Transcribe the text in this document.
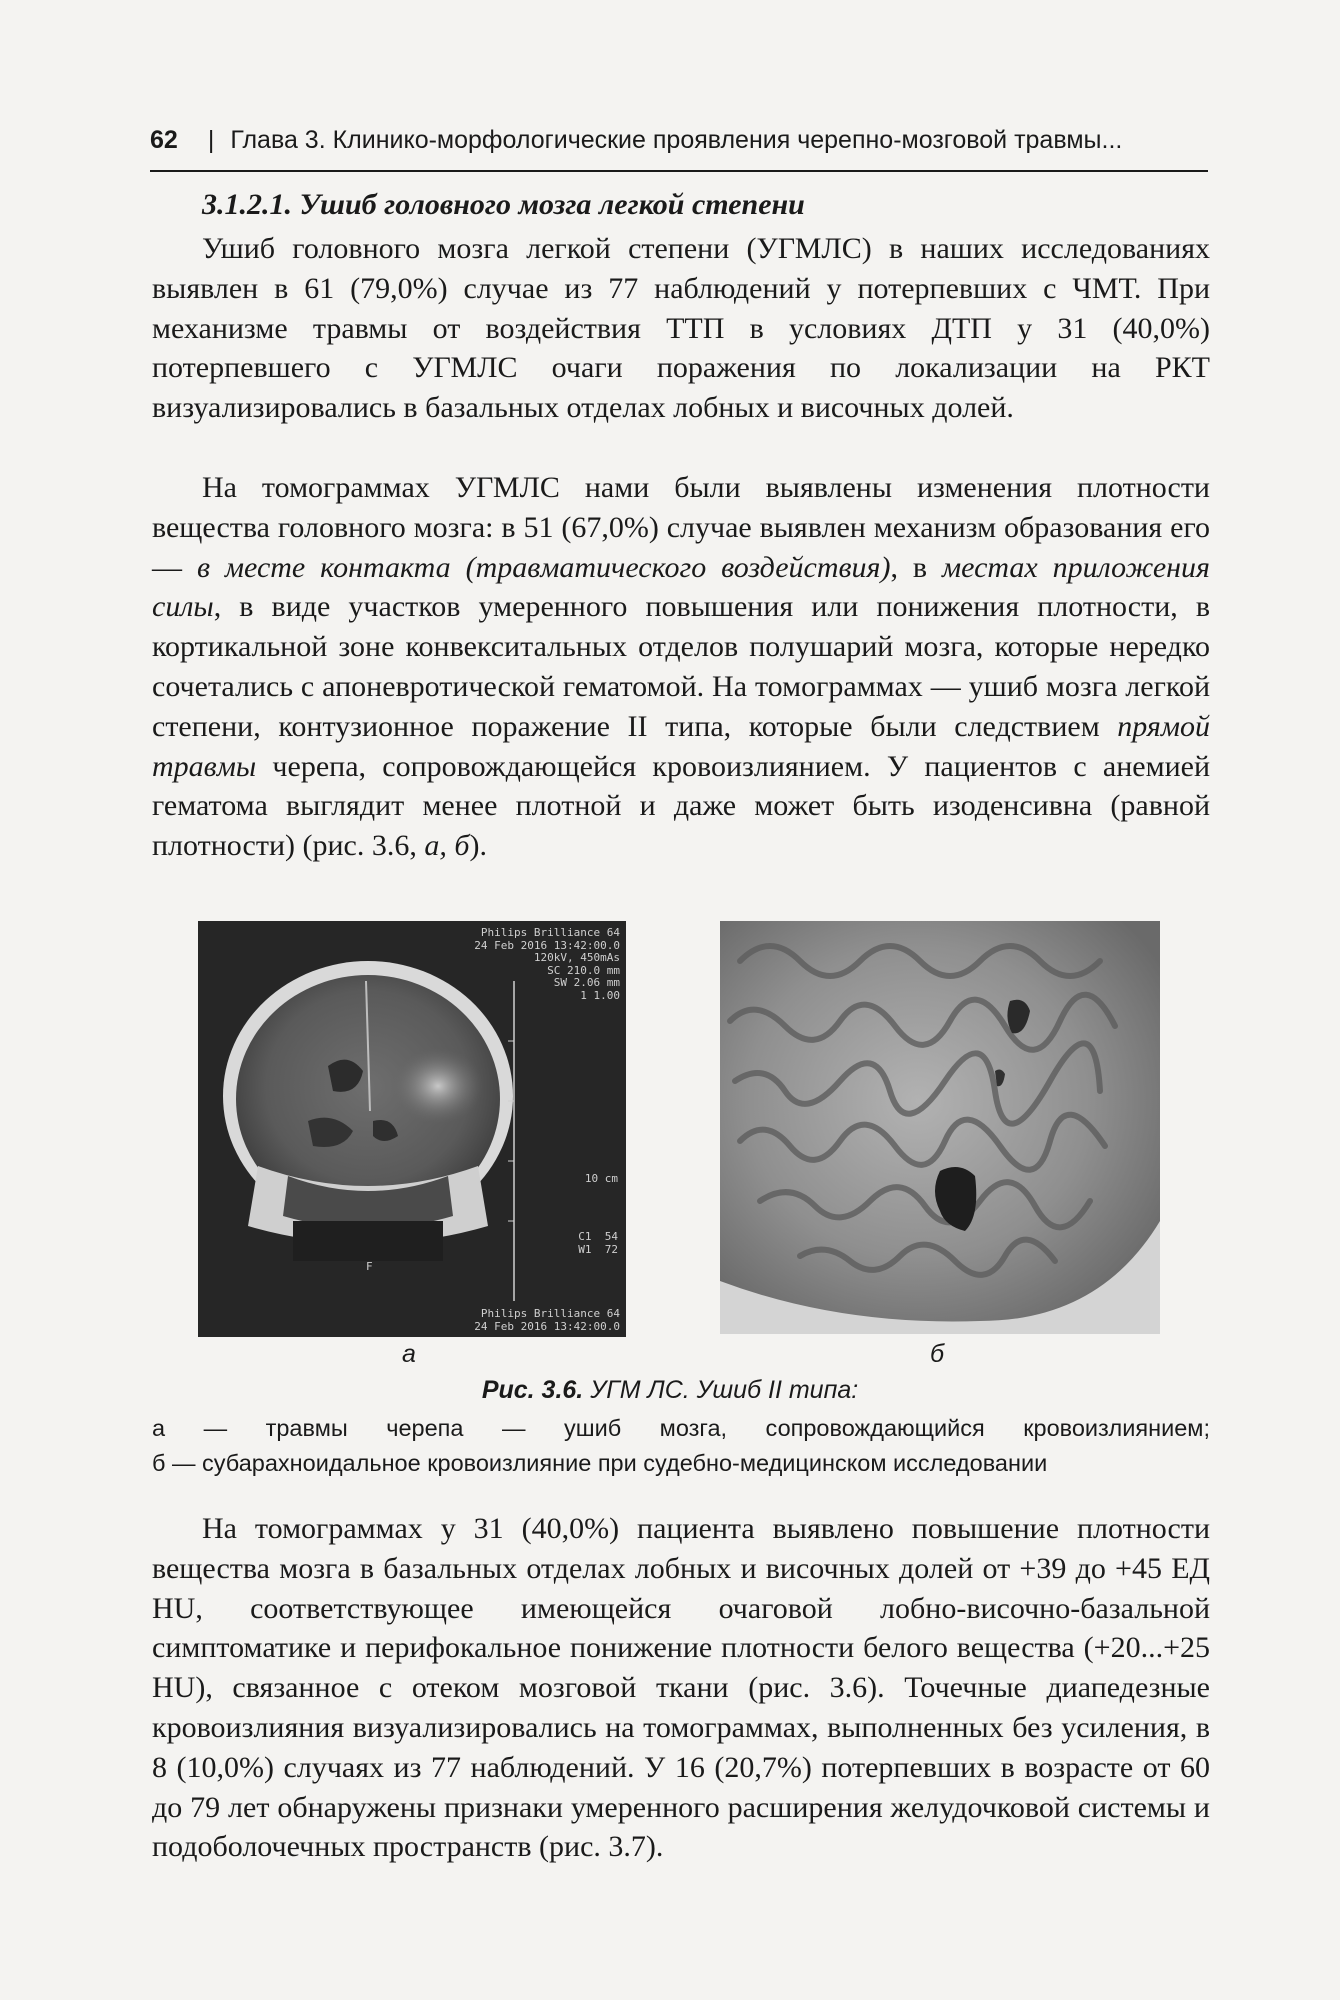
62 | Глава 3. Клинико-морфологические проявления черепно-мозговой травмы...
3.1.2.1. Ушиб головного мозга легкой степени
Ушиб головного мозга легкой степени (УГМЛС) в наших исследованиях выявлен в 61 (79,0%) случае из 77 наблюдений у потерпевших с ЧМТ. При механизме травмы от воздействия ТТП в условиях ДТП у 31 (40,0%) потерпевшего с УГМЛС очаги поражения по локализации на РКТ визуализировались в базальных отделах лобных и височных долей.
На томограммах УГМЛС нами были выявлены изменения плотности вещества головного мозга: в 51 (67,0%) случае выявлен механизм образования его — в месте контакта (травматического воздействия), в местах приложения силы, в виде участков умеренного повышения или понижения плотности, в кортикальной зоне конвекситальных отделов полушарий мозга, которые нередко сочетались с апоневротической гематомой. На томограммах — ушиб мозга легкой степени, контузионное поражение II типа, которые были следствием прямой травмы черепа, сопровождающейся кровоизлиянием. У пациентов с анемией гематома выглядит менее плотной и даже может быть изоденсивна (равной плотности) (рис. 3.6, а, б).
Philips Brilliance 64
24 Feb 2016 13:42:00.0
120kV, 450mAs
SC 210.0 mm
SW 2.06 mm
1 1.00
10 cm
C1  54
W1  72
F
Philips Brilliance 64
24 Feb 2016 13:42:00.0
а	б
Рис. 3.6. УГМ ЛС. Ушиб II типа:
а — травмы черепа — ушиб мозга, сопровождающийся кровоизлиянием;
б — субарахноидальное кровоизлияние при судебно-медицинском исследовании
На томограммах у 31 (40,0%) пациента выявлено повышение плотности вещества мозга в базальных отделах лобных и височных долей от +39 до +45 ЕД HU, соответствующее имеющейся очаговой лобно-височно-базальной симптоматике и перифокальное понижение плотности белого вещества (+20...+25 HU), связанное с отеком мозговой ткани (рис. 3.6). Точечные диапедезные кровоизлияния визуализировались на томограммах, выполненных без усиления, в 8 (10,0%) случаях из 77 наблюдений. У 16 (20,7%) потерпевших в возрасте от 60 до 79 лет обнаружены признаки умеренного расширения желудочковой системы и подоболочечных пространств (рис. 3.7).
